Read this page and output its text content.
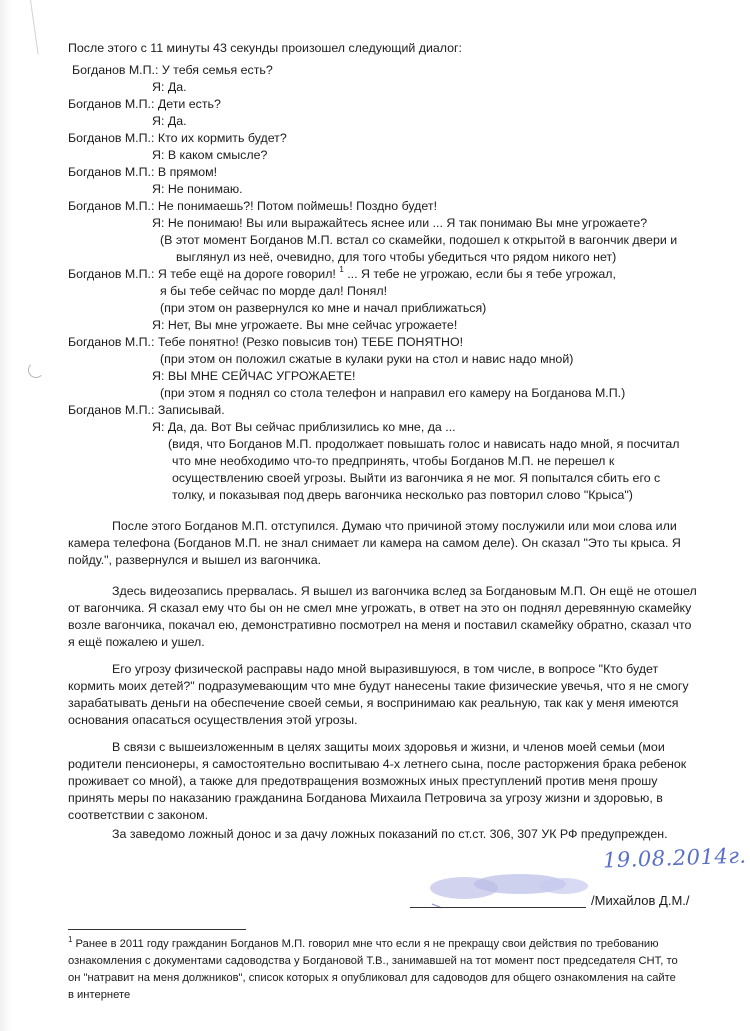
После этого с 11 минуты 43 секунды произошел следующий диалог:
Богданов М.П.: У тебя семья есть?
Я: Да.
Богданов М.П.: Дети есть?
Я: Да.
Богданов М.П.: Кто их кормить будет?
Я: В каком смысле?
Богданов М.П.: В прямом!
Я: Не понимаю.
Богданов М.П.: Не понимаешь?! Потом поймешь! Поздно будет!
Я: Не понимаю! Вы или выражайтесь яснее или ... Я так понимаю Вы мне угрожаете?
(В этот момент Богданов М.П. встал со скамейки, подошел к открытой в вагончик двери и
выглянул из неё, очевидно, для того чтобы убедиться что рядом никого нет)
Богданов М.П.: Я тебе ещё на дороге говорил! $^1$ ... Я тебе не угрожаю, если бы я тебе угрожал,
я бы тебе сейчас по морде дал! Понял!
(при этом он развернулся ко мне и начал приближаться)
Я: Нет, Вы мне угрожаете. Вы мне сейчас угрожаете!
Богданов М.П.: Тебе понятно! (Резко повысив тон) ТЕБЕ ПОНЯТНО!
(при этом он положил сжатые в кулаки руки на стол и навис надо мной)
Я: ВЫ МНЕ СЕЙЧАС УГРОЖАЕТЕ!
(при этом я поднял со стола телефон и направил его камеру на Богданова М.П.)
Богданов М.П.: Записывай.
Я: Да, да. Вот Вы сейчас приблизились ко мне, да ...
(видя, что Богданов М.П. продолжает повышать голос и нависать надо мной, я посчитал
что мне необходимо что-то предпринять, чтобы Богданов М.П. не перешел к
осуществлению своей угрозы. Выйти из вагончика я не мог. Я попытался сбить его с
толку, и показывая под дверь вагончика несколько раз повторил слово "Крыса")
После этого Богданов М.П. отступился. Думаю что причиной этому послужили или мои слова или
камера телефона (Богданов М.П. не знал снимает ли камера на самом деле). Он сказал "Это ты крыса. Я
пойду.", развернулся и вышел из вагончика.
Здесь видеозапись прервалась. Я вышел из вагончика вслед за Богдановым М.П. Он ещё не отошел
от вагончика. Я сказал ему что бы он не смел мне угрожать, в ответ на это он поднял деревянную скамейку
возле вагончика, покачал ею, демонстративно посмотрел на меня и поставил скамейку обратно, сказал что
я ещё пожалею и ушел.
Его угрозу физической расправы надо мной выразившуюся, в том числе, в вопросе "Кто будет
кормить моих детей?" подразумевающим что мне будут нанесены такие физические увечья, что я не смогу
зарабатывать деньги на обеспечение своей семьи, я воспринимаю как реальную, так как у меня имеются
основания опасаться осуществления этой угрозы.
В связи с вышеизложенным в целях защиты моих здоровья и жизни, и членов моей семьи (мои
родители пенсионеры, я самостоятельно воспитываю 4-х летнего сына, после расторжения брака ребенок
проживает со мной), а также для предотвращения возможных иных преступлений против меня прошу
принять меры по наказанию гражданина Богданова Михаила Петровича за угрозу жизни и здоровью, в
соответствии с законом.
За заведомо ложный донос и за дачу ложных показаний по ст.ст. 306, 307 УК РФ предупрежден.
19.08.2014г.
/Михайлов Д.М./
$^1$ Ранее в 2011 году гражданин Богданов М.П. говорил мне что если я не прекращу свои действия по требованию
ознакомления с документами садоводства у Богдановой Т.В., занимавшей на тот момент пост председателя СНТ, то
он "натравит на меня должников", список которых я опубликовал для садоводов для общего ознакомления на сайте
в интернете
